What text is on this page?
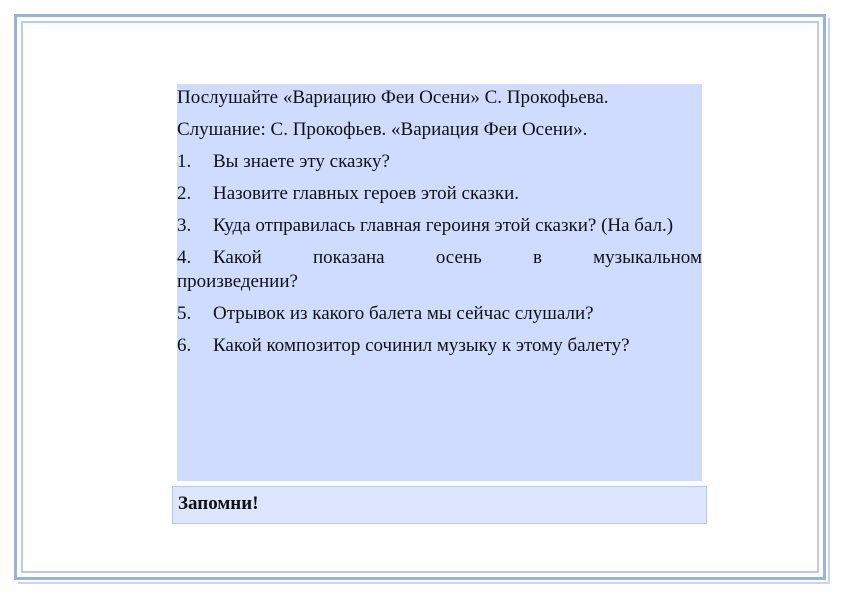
Послушайте «Вариацию Феи Осени» С. Прокофьева.
Слушание: С. Прокофьев. «Вариация Феи Осени».
1. Вы знаете эту сказку?
2. Назовите главных героев этой сказки.
3. Куда отправилась главная героиня этой сказки? (На бал.)
4. Какой	показана	осень	в	музыкальном
произведении?
5. Отрывок из какого балета мы сейчас слушали?
6. Какой композитор сочинил музыку к этому балету?
Запомни!
